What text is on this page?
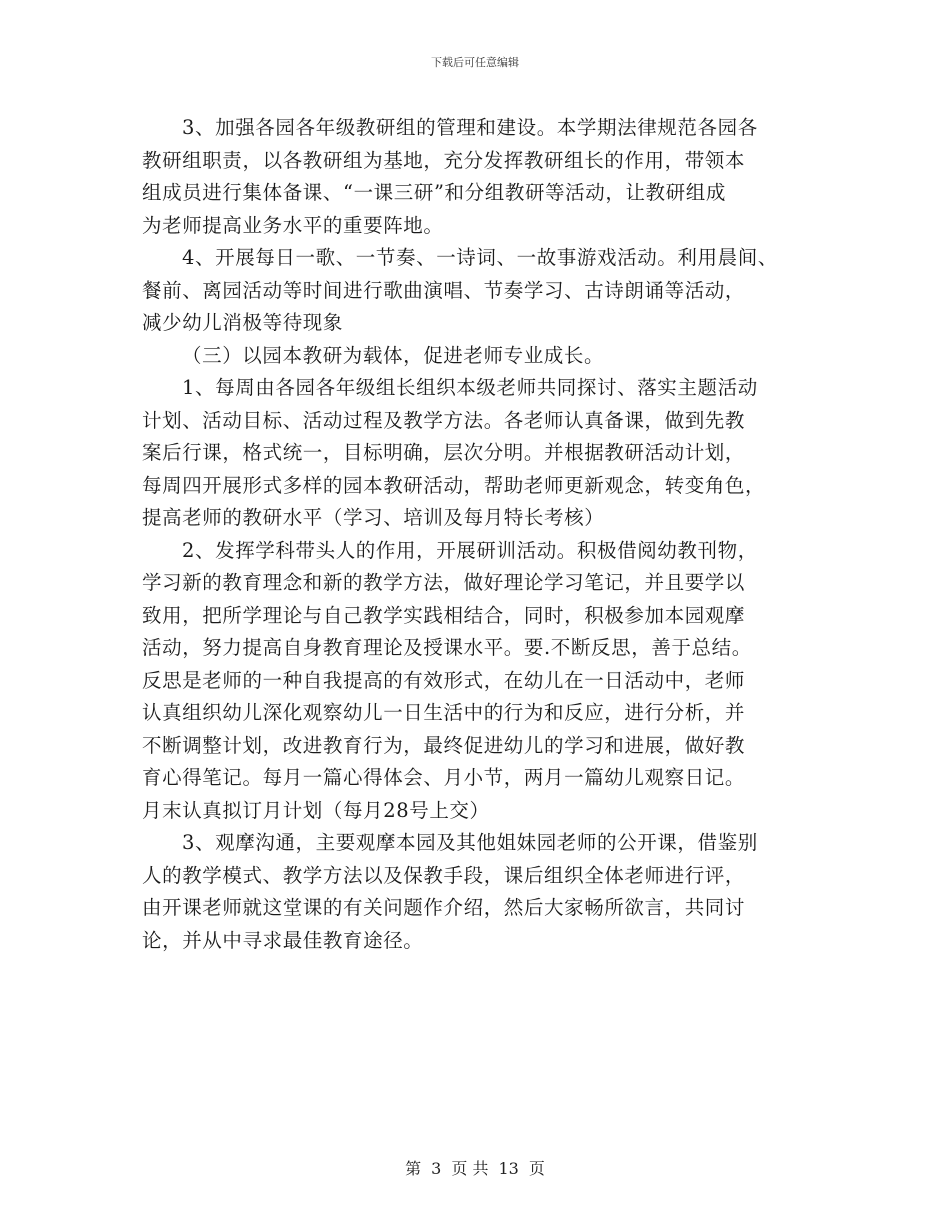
下载后可任意编辑
3、加强各园各年级教研组的管理和建设。本学期法律规范各园各
教研组职责，以各教研组为基地，充分发挥教研组长的作用，带领本
组成员进行集体备课、“一课三研”和分组教研等活动，让教研组成
为老师提高业务水平的重要阵地。
4、开展每日一歌、一节奏、一诗词、一故事游戏活动。利用晨间、
餐前、离园活动等时间进行歌曲演唱、节奏学习、古诗朗诵等活动，
减少幼儿消极等待现象
（三）以园本教研为载体，促进老师专业成长。
1、每周由各园各年级组长组织本级老师共同探讨、落实主题活动
计划、活动目标、活动过程及教学方法。各老师认真备课，做到先教
案后行课，格式统一，目标明确，层次分明。并根据教研活动计划，
每周四开展形式多样的园本教研活动，帮助老师更新观念，转变角色，
提高老师的教研水平（学习、培训及每月特长考核）
2、发挥学科带头人的作用，开展研训活动。积极借阅幼教刊物，
学习新的教育理念和新的教学方法，做好理论学习笔记，并且要学以
致用，把所学理论与自己教学实践相结合，同时，积极参加本园观摩
活动，努力提高自身教育理论及授课水平。要.不断反思，善于总结。
反思是老师的一种自我提高的有效形式，在幼儿在一日活动中，老师
认真组织幼儿深化观察幼儿一日生活中的行为和反应，进行分析，并
不断调整计划，改进教育行为，最终促进幼儿的学习和进展，做好教
育心得笔记。每月一篇心得体会、月小节，两月一篇幼儿观察日记。
月末认真拟订月计划（每月28号上交）
3、观摩沟通，主要观摩本园及其他姐妹园老师的公开课，借鉴别
人的教学模式、教学方法以及保教手段，课后组织全体老师进行评，
由开课老师就这堂课的有关问题作介绍，然后大家畅所欲言，共同讨
论，并从中寻求最佳教育途径。
第 3 页 共 13 页
